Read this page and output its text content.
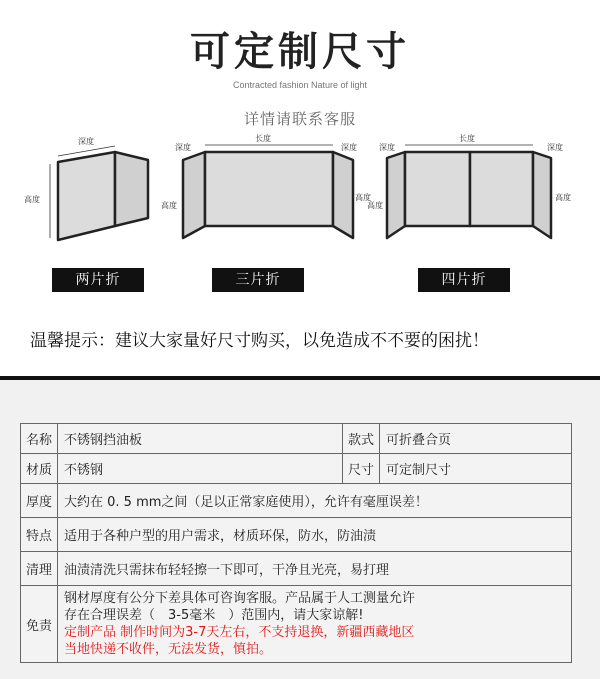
可定制尺寸
Contracted fashion Nature of light
详情请联系客服
深度
高度
长度
深度	深度
高度
高度
长度
深度	深度
高度
高度
两片折	三片折	四片折
温馨提示：建议大家量好尺寸购买，以免造成不不要的困扰！
名称	不锈钢挡油板	款式	可折叠合页
材质	不锈钢	尺寸	可定制尺寸
厚度	大约在 0. 5 mm之间（足以正常家庭使用），允许有毫厘误差！		
特点	适用于各种户型的用户需求，材质环保，防水，防油渍		
清理	油渍清洗只需抹布轻轻擦一下即可，干净且光亮，易打理		
免责	钢材厚度有公分下差具体可咨询客服。产品属于人工测量允许
存在合理误差（　3-5毫米　）范围内，请大家谅解!
定制产品 制作时间为3-7天左右，不支持退换，新疆西藏地区
当地快递不收件，无法发货，慎拍。		
